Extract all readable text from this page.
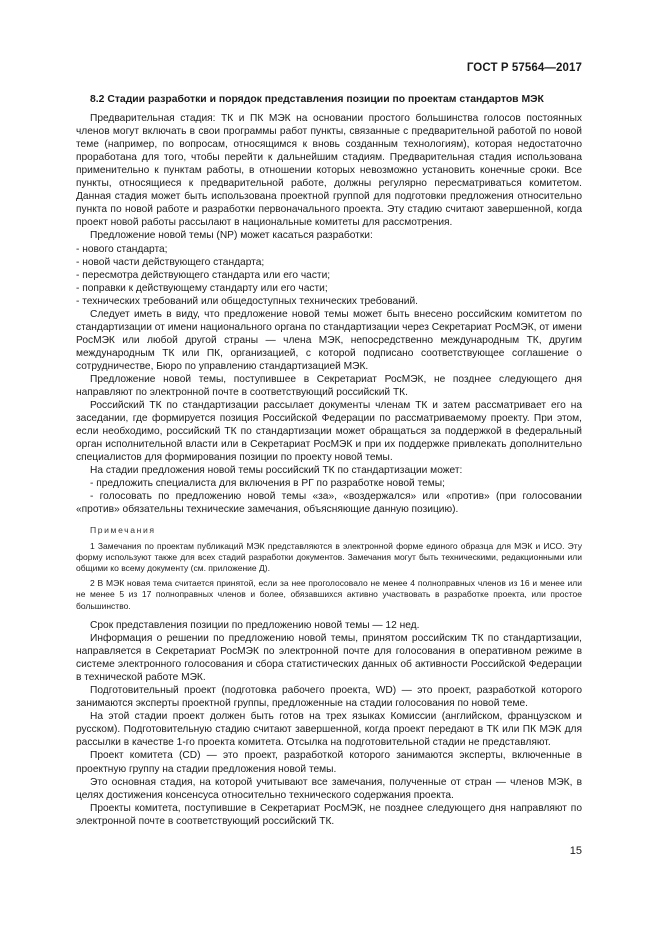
ГОСТ Р 57564—2017
8.2 Стадии разработки и порядок представления позиции по проектам стандартов МЭК

Предварительная стадия: ТК и ПК МЭК на основании простого большинства голосов постоянных членов могут включать в свои программы работ пункты, связанные с предварительной работой по новой теме (например, по вопросам, относящимся к вновь созданным технологиям), которая недостаточно проработана для того, чтобы перейти к дальнейшим стадиям. Предварительная стадия использована применительно к пунктам работы, в отношении которых невозможно установить конечные сроки. Все пункты, относящиеся к предварительной работе, должны регулярно пересматриваться комитетом. Данная стадия может быть использована проектной группой для подготовки предложения относительно пункта по новой работе и разработки первоначального проекта. Эту стадию считают завершенной, когда проект новой работы рассылают в национальные комитеты для рассмотрения.

Предложение новой темы (NP) может касаться разработки:

- нового стандарта;

- новой части действующего стандарта;

- пересмотра действующего стандарта или его части;

- поправки к действующему стандарту или его части;

- технических требований или общедоступных технических требований.

Следует иметь в виду, что предложение новой темы может быть внесено российским комитетом по стандартизации от имени национального органа по стандартизации через Секретариат РосМЭК, от имени РосМЭК или любой другой страны — члена МЭК, непосредственно международным ТК, другим международным ТК или ПК, организацией, с которой подписано соответствующее соглашение о сотрудничестве, Бюро по управлению стандартизацией МЭК.

Предложение новой темы, поступившее в Секретариат РосМЭК, не позднее следующего дня направляют по электронной почте в соответствующий российский ТК.

Российский ТК по стандартизации рассылает документы членам ТК и затем рассматривает его на заседании, где формируется позиция Российской Федерации по рассматриваемому проекту. При этом, если необходимо, российский ТК по стандартизации может обращаться за поддержкой в федеральный орган исполнительной власти или в Секретариат РосМЭК и при их поддержке привлекать дополнительно специалистов для формирования позиции по проекту новой темы.

На стадии предложения новой темы российский ТК по стандартизации может:

- предложить специалиста для включения в РГ по разработке новой темы;

- голосовать по предложению новой темы «за», «воздержался» или «против» (при голосовании «против» обязательны технические замечания, объясняющие данную позицию).

Примечания
1 Замечания по проектам публикаций МЭК представляются в электронной форме единого образца для МЭК и ИСО. Эту форму используют также для всех стадий разработки документов. Замечания могут быть техническими, редакционными или общими ко всему документу (см. приложение Д).
2 В МЭК новая тема считается принятой, если за нее проголосовало не менее 4 полноправных членов из 16 и менее или не менее 5 из 17 полноправных членов и более, обязавшихся активно участвовать в разработке проекта, или простое большинство.

Срок представления позиции по предложению новой темы — 12 нед.

Информация о решении по предложению новой темы, принятом российским ТК по стандартизации, направляется в Секретариат РосМЭК по электронной почте для голосования в оперативном режиме в системе электронного голосования и сбора статистических данных об активности Российской Федерации в технической работе МЭК.

Подготовительный проект (подготовка рабочего проекта, WD) — это проект, разработкой которого занимаются эксперты проектной группы, предложенные на стадии голосования по новой теме.

На этой стадии проект должен быть готов на трех языках Комиссии (английском, французском и русском). Подготовительную стадию считают завершенной, когда проект передают в ТК или ПК МЭК для рассылки в качестве 1-го проекта комитета. Отсылка на подготовительной стадии не представляют.

Проект комитета (CD) — это проект, разработкой которого занимаются эксперты, включенные в проектную группу на стадии предложения новой темы.

Это основная стадия, на которой учитывают все замечания, полученные от стран — членов МЭК, в целях достижения консенсуса относительно технического содержания проекта.

Проекты комитета, поступившие в Секретариат РосМЭК, не позднее следующего дня направляют по электронной почте в соответствующий российский ТК.

15
